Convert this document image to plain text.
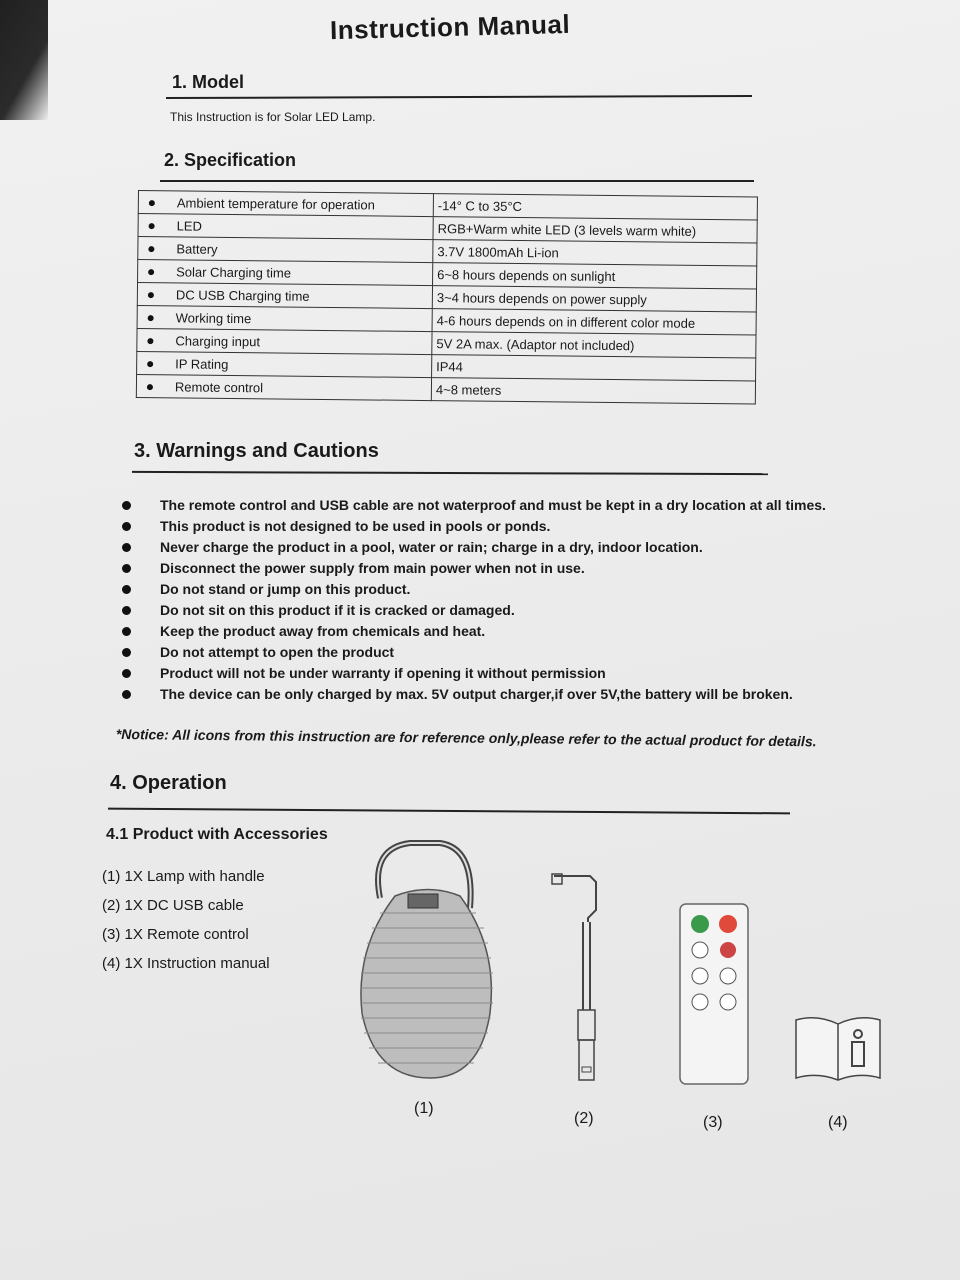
Instruction Manual
1. Model
This Instruction is for Solar LED Lamp.
2. Specification
Ambient temperature for operation	-14° C to 35°C
LED	RGB+Warm white LED (3 levels warm white)
Battery	3.7V 1800mAh Li-ion
Solar Charging time	6~8 hours depends on sunlight
DC USB Charging time	3~4 hours depends on power supply
Working time	4-6 hours depends on in different color mode
Charging input	5V 2A max. (Adaptor not included)
IP Rating	IP44
Remote control	4~8 meters
3. Warnings and Cautions
The remote control and USB cable are not waterproof and must be kept in a dry location at all times.
This product is not designed to be used in pools or ponds.
Never charge the product in a pool, water or rain; charge in a dry, indoor location.
Disconnect the power supply from main power when not in use.
Do not stand or jump on this product.
Do not sit on this product if it is cracked or damaged.
Keep the product away from chemicals and heat.
Do not attempt to open the product
Product will not be under warranty if opening it without permission
The device can be only charged by max. 5V output charger,if over 5V,the battery will be broken.
*Notice: All icons from this instruction are for reference only,please refer to the actual product for details.
4. Operation
4.1 Product with Accessories
(1) 1X Lamp with handle
(2) 1X DC USB cable
(3) 1X Remote control
(4) 1X Instruction manual
(1)
(2)	(3)	(4)
